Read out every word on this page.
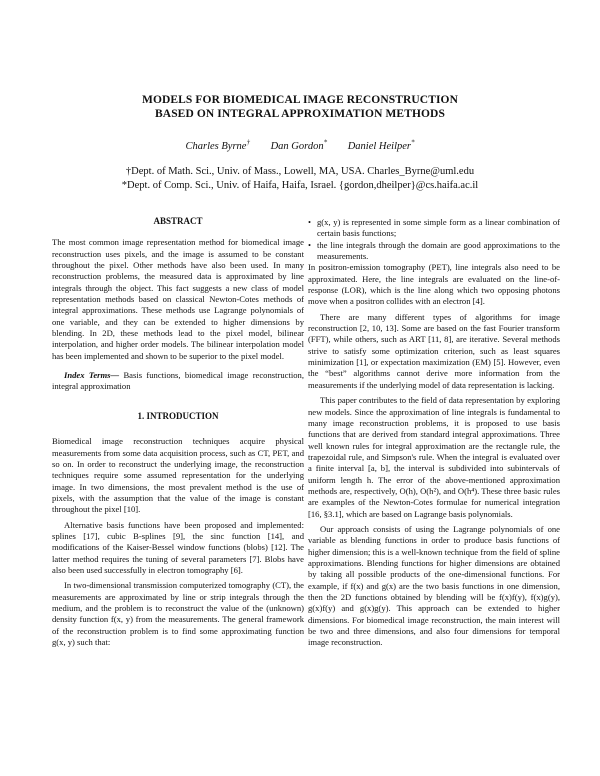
MODELS FOR BIOMEDICAL IMAGE RECONSTRUCTION
BASED ON INTEGRAL APPROXIMATION METHODS
Charles Byrne† Dan Gordon* Daniel Heilper*
†Dept. of Math. Sci., Univ. of Mass., Lowell, MA, USA. Charles_Byrne@uml.edu
*Dept. of Comp. Sci., Univ. of Haifa, Haifa, Israel. {gordon,dheilper}@cs.haifa.ac.il
ABSTRACT

The most common image representation method for biomedical image reconstruction uses pixels, and the image is assumed to be constant throughout the pixel. Other methods have also been used. In many reconstruction problems, the measured data is approximated by line integrals through the object. This fact suggests a new class of model representation methods based on classical Newton-Cotes methods of integral approximations. These methods use Lagrange polynomials of one variable, and they can be extended to higher dimensions by blending. In 2D, these methods lead to the pixel model, bilinear interpolation, and higher order models. The bilinear interpolation model has been implemented and shown to be superior to the pixel model.

Index Terms— Basis functions, biomedical image reconstruction, integral approximation

1. INTRODUCTION

Biomedical image reconstruction techniques acquire physical measurements from some data acquisition process, such as CT, PET, and so on. In order to reconstruct the underlying image, the reconstruction techniques require some assumed representation for the underlying image. In two dimensions, the most prevalent method is the use of pixels, with the assumption that the value of the image is constant throughout the pixel [10].

Alternative basis functions have been proposed and implemented: splines [17], cubic B-splines [9], the sinc function [14], and modifications of the Kaiser-Bessel window functions (blobs) [12]. The latter method requires the tuning of several parameters [7]. Blobs have also been used successfully in electron tomography [6].

In two-dimensional transmission computerized tomography (CT), the measurements are approximated by line or strip integrals through the medium, and the problem is to reconstruct the value of the (unknown) density function f(x, y) from the measurements. The general framework of the reconstruction problem is to find some approximating function g(x, y) such that:

• g(x, y) is represented in some simple form as a linear combination of certain basis functions;
• the line integrals through the domain are good approximations to the measurements.

In positron-emission tomography (PET), line integrals also need to be approximated. Here, the line integrals are evaluated on the line-of-response (LOR), which is the line along which two opposing photons move when a positron collides with an electron [4].

There are many different types of algorithms for image reconstruction [2, 10, 13]. Some are based on the fast Fourier transform (FFT), while others, such as ART [11, 8], are iterative. Several methods strive to satisfy some optimization criterion, such as least squares minimization [1], or expectation maximization (EM) [5]. However, even the “best” algorithms cannot derive more information from the measurements if the underlying model of data representation is lacking.

This paper contributes to the field of data representation by exploring new models. Since the approximation of line integrals is fundamental to many image reconstruction problems, it is proposed to use basis functions that are derived from standard integral approximations. Three well known rules for integral approximation are the rectangle rule, the trapezoidal rule, and Simpson's rule. When the integral is evaluated over a finite interval [a, b], the interval is subdivided into subintervals of uniform length h. The error of the above-mentioned approximation methods are, respectively, O(h), O(h²), and O(h⁴). These three basic rules are examples of the Newton-Cotes formulae for numerical integration [16, §3.1], which are based on Lagrange basis polynomials.

Our approach consists of using the Lagrange polynomials of one variable as blending functions in order to produce basis functions of higher dimension; this is a well-known technique from the field of spline approximations. Blending functions for higher dimensions are obtained by taking all possible products of the one-dimensional functions. For example, if f(x) and g(x) are the two basis functions in one dimension, then the 2D functions obtained by blending will be f(x)f(y), f(x)g(y), g(x)f(y) and g(x)g(y). This approach can be extended to higher dimensions. For biomedical image reconstruction, the main interest will be two and three dimensions, and also four dimensions for temporal image reconstruction.
